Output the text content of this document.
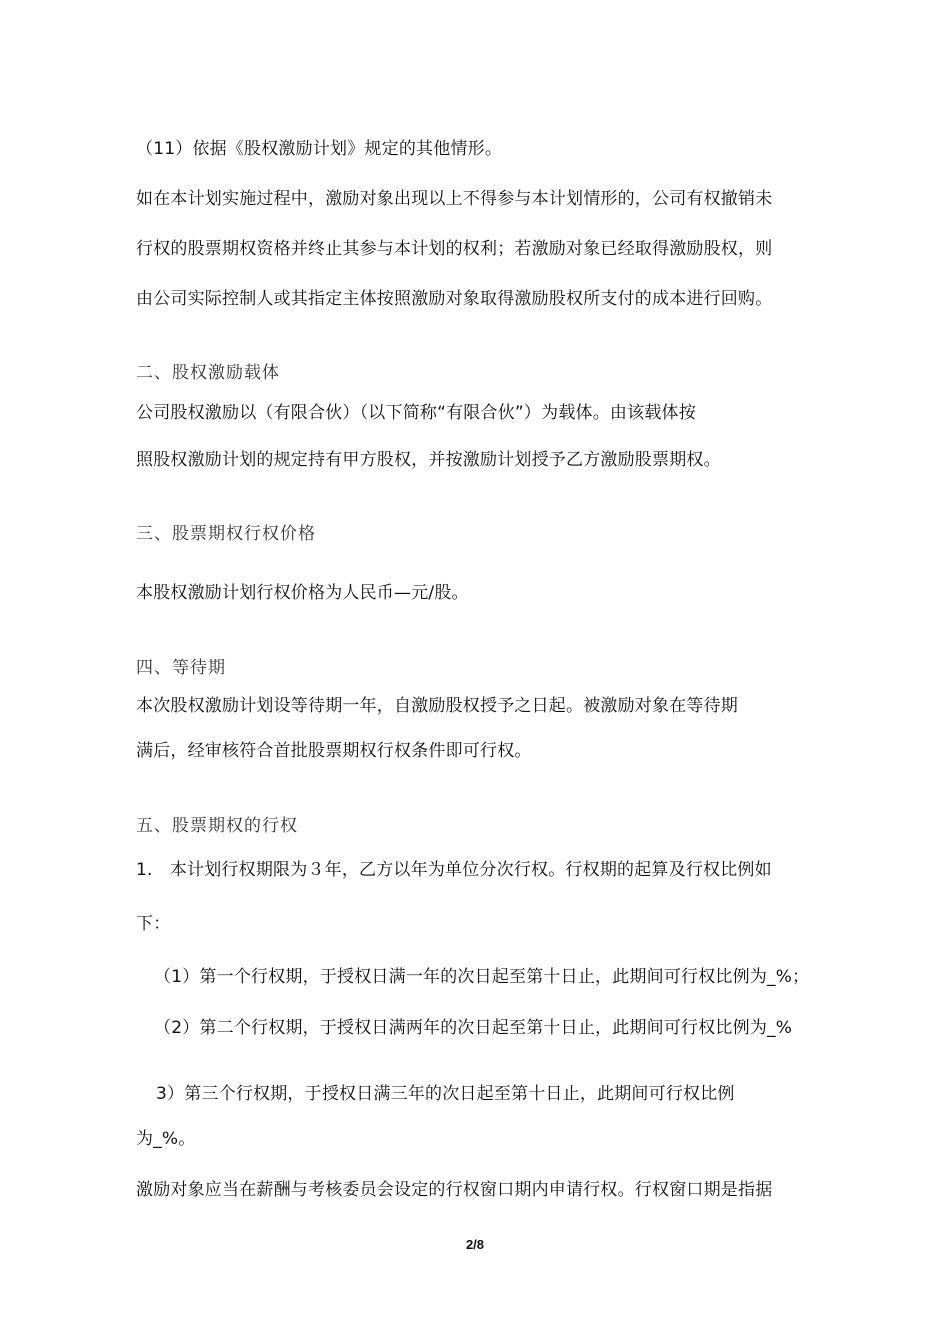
（11）依据《股权激励计划》规定的其他情形。
如在本计划实施过程中，激励对象出现以上不得参与本计划情形的，公司有权撤销未
行权的股票期权资格并终止其参与本计划的权利；若激励对象已经取得激励股权，则
由公司实际控制人或其指定主体按照激励对象取得激励股权所支付的成本进行回购。
二、股权激励载体
公司股权激励以（有限合伙）（以下简称“有限合伙”）为载体。由该载体按
照股权激励计划的规定持有甲方股权，并按激励计划授予乙方激励股票期权。
三、股票期权行权价格
本股权激励计划行权价格为人民币—元/股。
四、等待期
本次股权激励计划设等待期一年，自激励股权授予之日起。被激励对象在等待期
满后，经审核符合首批股票期权行权条件即可行权。
五、股票期权的行权
1.　本计划行权期限为３年，乙方以年为单位分次行权。行权期的起算及行权比例如
下：
（1）第一个行权期，于授权日满一年的次日起至第十日止，此期间可行权比例为_%；
（2）第二个行权期，于授权日满两年的次日起至第十日止，此期间可行权比例为_%
3）第三个行权期，于授权日满三年的次日起至第十日止，此期间可行权比例
为_%。
激励对象应当在薪酬与考核委员会设定的行权窗口期内申请行权。行权窗口期是指据
2/8
